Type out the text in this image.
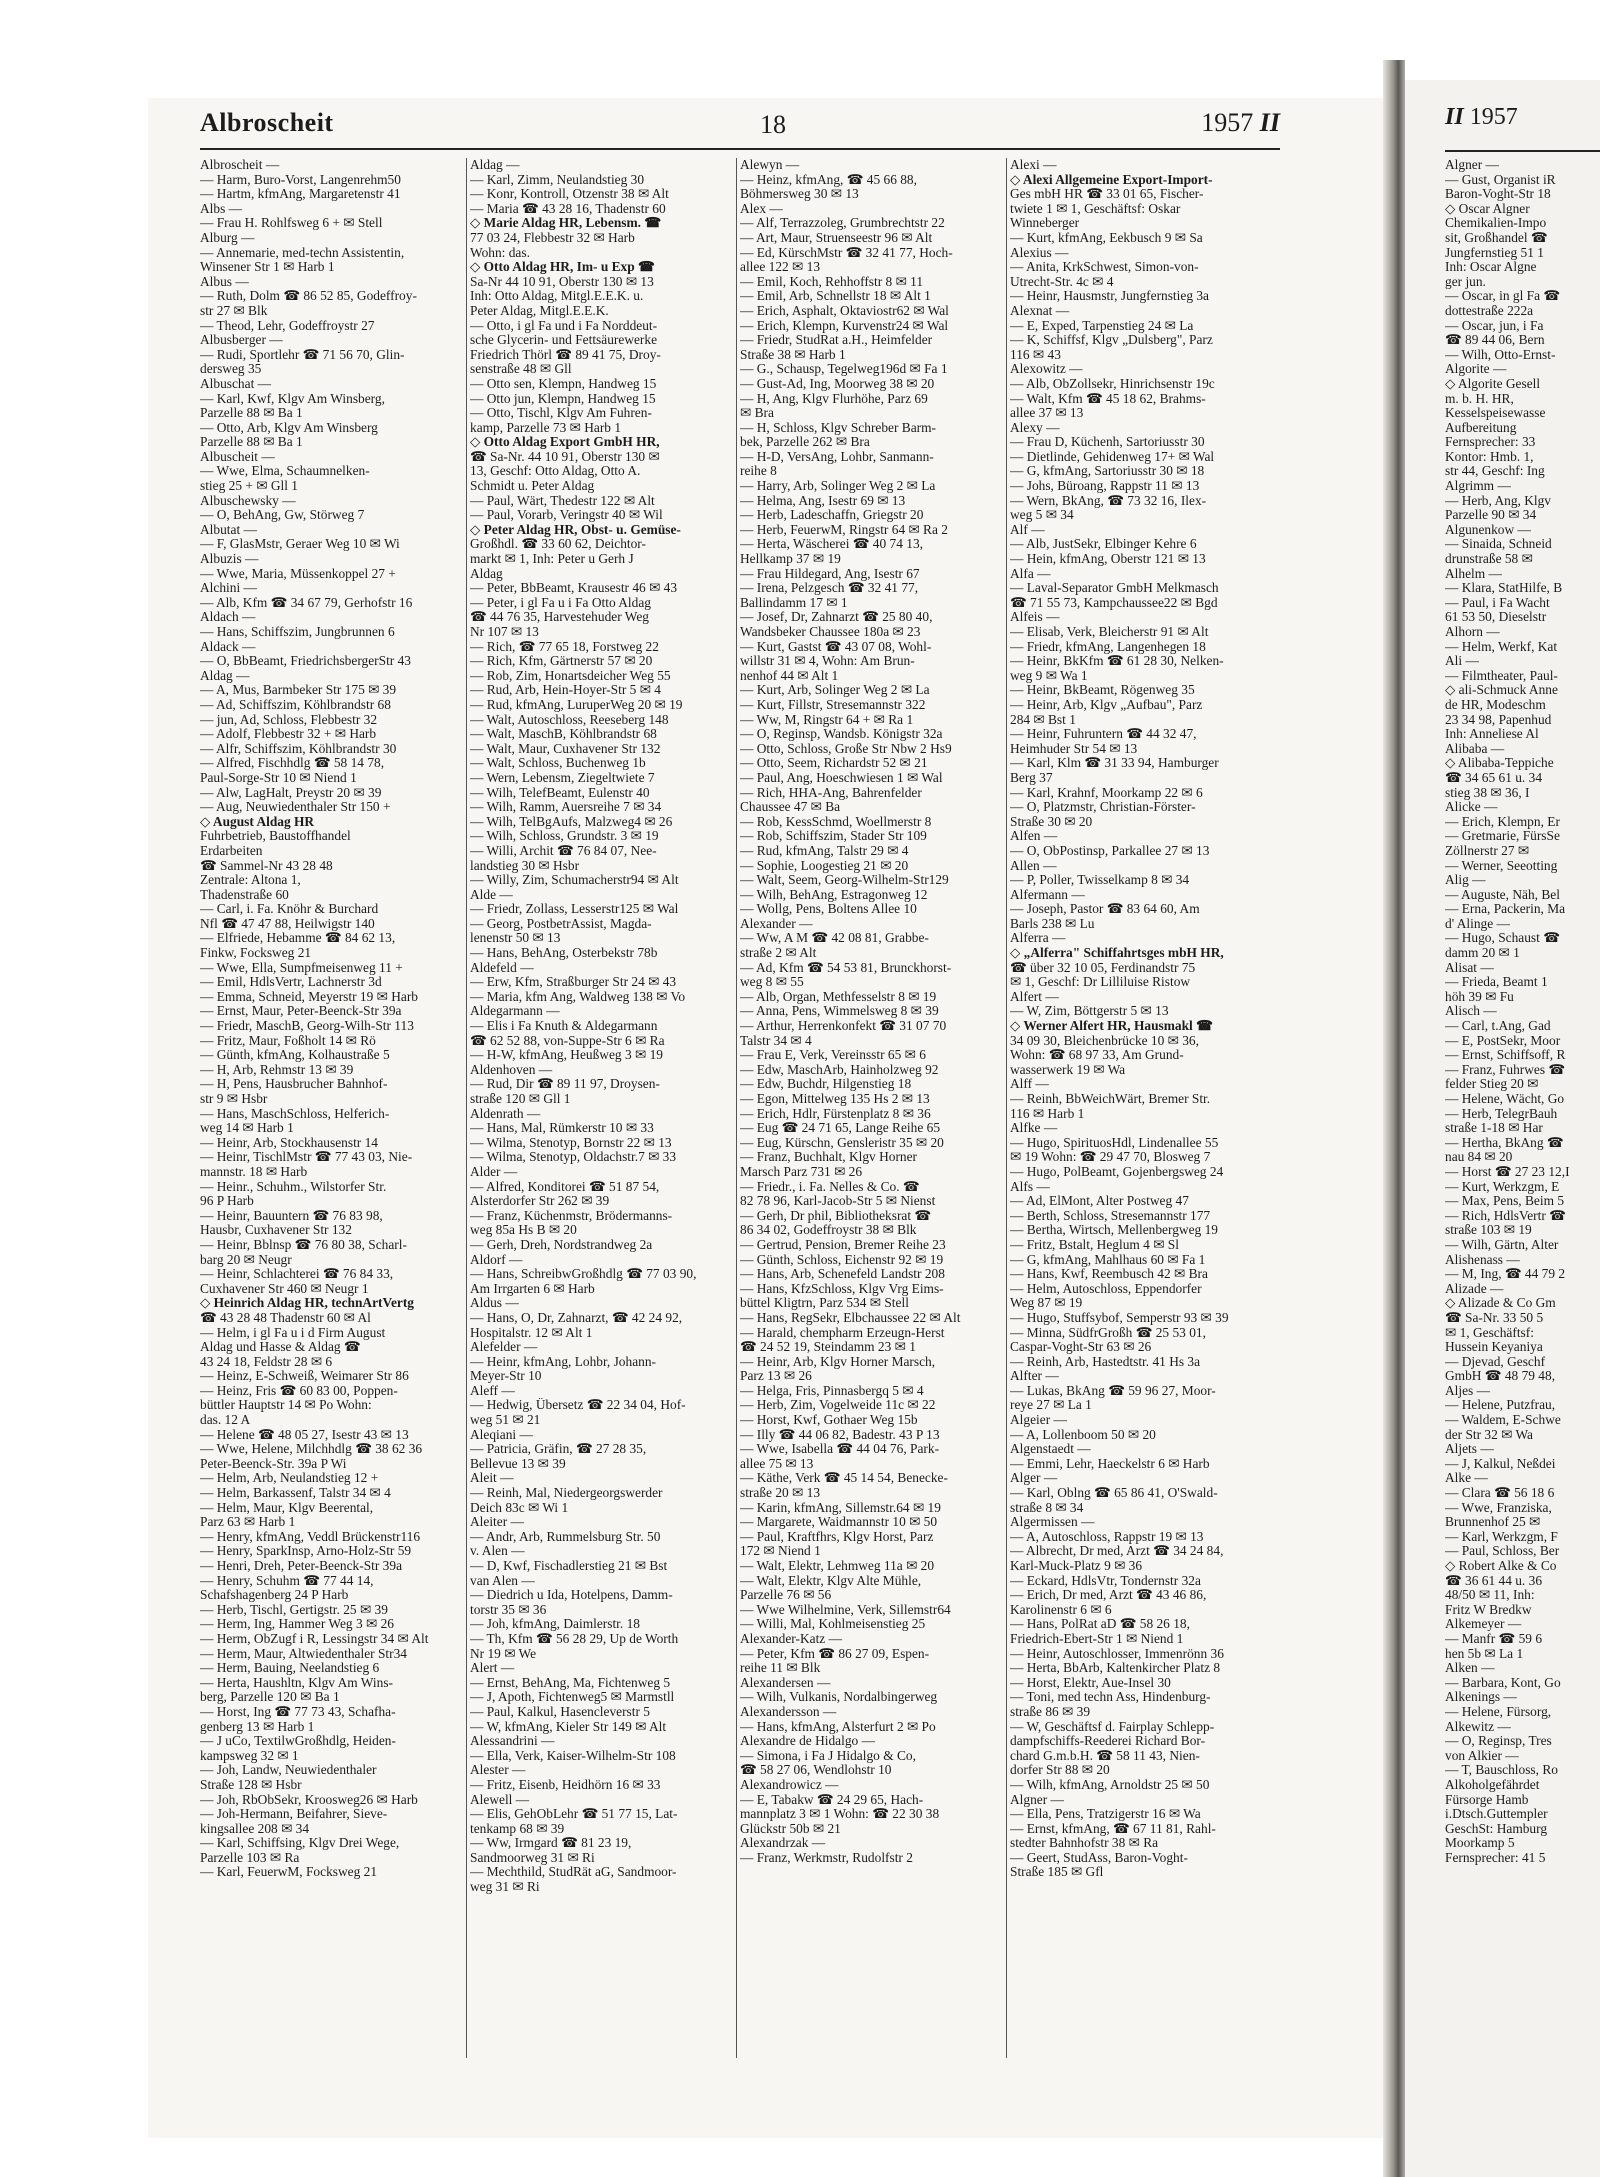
Albroscheit	18	1957 II
Albroscheit —
— Harm, Buro-Vorst, Langenrehm50
— Hartm, kfmAng, Margaretenstr 41
Albs —
— Frau H. Rohlfsweg 6 + ✉ Stell
Alburg —
— Annemarie, med-techn Assistentin,
Winsener Str 1 ✉ Harb 1
Albus —
— Ruth, Dolm ☎ 86 52 85, Godeffroy-
str 27 ✉ Blk
— Theod, Lehr, Godeffroystr 27
Albusberger —
— Rudi, Sportlehr ☎ 71 56 70, Glin-
dersweg 35
Albuschat —
— Karl, Kwf, Klgv Am Winsberg,
Parzelle 88 ✉ Ba 1
— Otto, Arb, Klgv Am Winsberg
Parzelle 88 ✉ Ba 1
Albuscheit —
— Wwe, Elma, Schaumnelken-
stieg 25 + ✉ Gll 1
Albuschewsky —
— O, BehAng, Gw, Störweg 7
Albutat —
— F, GlasMstr, Geraer Weg 10 ✉ Wi
Albuzis —
— Wwe, Maria, Müssenkoppel 27 +
Alchini —
— Alb, Kfm ☎ 34 67 79, Gerhofstr 16
Aldach —
— Hans, Schiffszim, Jungbrunnen 6
Aldack —
— O, BbBeamt, FriedrichsbergerStr 43
Aldag —
— A, Mus, Barmbeker Str 175 ✉ 39
— Ad, Schiffszim, Köhlbrandstr 68
— jun, Ad, Schloss, Flebbestr 32
— Adolf, Flebbestr 32 + ✉ Harb
— Alfr, Schiffszim, Köhlbrandstr 30
— Alfred, Fischhdlg ☎ 58 14 78,
Paul-Sorge-Str 10 ✉ Niend 1
— Alw, LagHalt, Preystr 20 ✉ 39
— Aug, Neuwiedenthaler Str 150 +
◇ August Aldag HR
Fuhrbetrieb, Baustoffhandel
Erdarbeiten
☎ Sammel-Nr 43 28 48
Zentrale: Altona 1,
Thadenstraße 60
— Carl, i. Fa. Knöhr & Burchard
Nfl ☎ 47 47 88, Heilwigstr 140
— Elfriede, Hebamme ☎ 84 62 13,
Finkw, Focksweg 21
— Wwe, Ella, Sumpfmeisenweg 11 +
— Emil, HdlsVertr, Lachnerstr 3d
— Emma, Schneid, Meyerstr 19 ✉ Harb
— Ernst, Maur, Peter-Beenck-Str 39a
— Friedr, MaschB, Georg-Wilh-Str 113
— Fritz, Maur, Foßholt 14 ✉ Rö
— Günth, kfmAng, Kolhaustraße 5
— H, Arb, Rehmstr 13 ✉ 39
— H, Pens, Hausbrucher Bahnhof-
str 9 ✉ Hsbr
— Hans, MaschSchloss, Helferich-
weg 14 ✉ Harb 1
— Heinr, Arb, Stockhausenstr 14
— Heinr, TischlMstr ☎ 77 43 03, Nie-
mannstr. 18 ✉ Harb
— Heinr., Schuhm., Wilstorfer Str.
96 P Harb
— Heinr, Bauuntern ☎ 76 83 98,
Hausbr, Cuxhavener Str 132
— Heinr, Bblnsp ☎ 76 80 38, Scharl-
barg 20 ✉ Neugr
— Heinr, Schlachterei ☎ 76 84 33,
Cuxhavener Str 460 ✉ Neugr 1
◇ Heinrich Aldag HR, technArtVertg
☎ 43 28 48 Thadenstr 60 ✉ Al
— Helm, i gl Fa u i d Firm August
Aldag und Hasse & Aldag ☎
43 24 18, Feldstr 28 ✉ 6
— Heinz, E-Schweiß, Weimarer Str 86
— Heinz, Fris ☎ 60 83 00, Poppen-
büttler Hauptstr 14 ✉ Po Wohn:
das. 12 A
— Helene ☎ 48 05 27, Isestr 43 ✉ 13
— Wwe, Helene, Milchhdlg ☎ 38 62 36
Peter-Beenck-Str. 39a P Wi
— Helm, Arb, Neulandstieg 12 +
— Helm, Barkassenf, Talstr 34 ✉ 4
— Helm, Maur, Klgv Beerental,
Parz 63 ✉ Harb 1
— Henry, kfmAng, Veddl Brückenstr116
— Henry, SparkInsp, Arno-Holz-Str 59
— Henri, Dreh, Peter-Beenck-Str 39a
— Henry, Schuhm ☎ 77 44 14,
Schafshagenberg 24 P Harb
— Herb, Tischl, Gertigstr. 25 ✉ 39
— Herm, Ing, Hammer Weg 3 ✉ 26
— Herm, ObZugf i R, Lessingstr 34 ✉ Alt
— Herm, Maur, Altwiedenthaler Str34
— Herm, Bauing, Neelandstieg 6
— Herta, Haushltn, Klgv Am Wins-
berg, Parzelle 120 ✉ Ba 1
— Horst, Ing ☎ 77 73 43, Schafha-
genberg 13 ✉ Harb 1
— J uCo, TextilwGroßhdlg, Heiden-
kampsweg 32 ✉ 1
— Joh, Landw, Neuwiedenthaler
Straße 128 ✉ Hsbr
— Joh, RbObSekr, Kroosweg26 ✉ Harb
— Joh-Hermann, Beifahrer, Sieve-
kingsallee 208 ✉ 34
— Karl, Schiffsing, Klgv Drei Wege,
Parzelle 103 ✉ Ra
— Karl, FeuerwM, Focksweg 21
Aldag —
— Karl, Zimm, Neulandstieg 30
— Konr, Kontroll, Otzenstr 38 ✉ Alt
— Maria ☎ 43 28 16, Thadenstr 60
◇ Marie Aldag HR, Lebensm. ☎
77 03 24, Flebbestr 32 ✉ Harb
Wohn: das.
◇ Otto Aldag HR, Im- u Exp ☎
Sa-Nr 44 10 91, Oberstr 130 ✉ 13
Inh: Otto Aldag, Mitgl.E.E.K. u.
Peter Aldag, Mitgl.E.E.K.
— Otto, i gl Fa und i Fa Norddeut-
sche Glycerin- und Fettsäurewerke
Friedrich Thörl ☎ 89 41 75, Droy-
senstraße 48 ✉ Gll
— Otto sen, Klempn, Handweg 15
— Otto jun, Klempn, Handweg 15
— Otto, Tischl, Klgv Am Fuhren-
kamp, Parzelle 73 ✉ Harb 1
◇ Otto Aldag Export GmbH HR,
☎ Sa-Nr. 44 10 91, Oberstr 130 ✉
13, Geschf: Otto Aldag, Otto A.
Schmidt u. Peter Aldag
— Paul, Wärt, Thedestr 122 ✉ Alt
— Paul, Vorarb, Veringstr 40 ✉ Wil
◇ Peter Aldag HR, Obst- u. Gemüse-
Großhdl. ☎ 33 60 62, Deichtor-
markt ✉ 1, Inh: Peter u Gerh J
Aldag
— Peter, BbBeamt, Krausestr 46 ✉ 43
— Peter, i gl Fa u i Fa Otto Aldag
☎ 44 76 35, Harvestehuder Weg
Nr 107 ✉ 13
— Rich, ☎ 77 65 18, Forstweg 22
— Rich, Kfm, Gärtnerstr 57 ✉ 20
— Rob, Zim, Honartsdeicher Weg 55
— Rud, Arb, Hein-Hoyer-Str 5 ✉ 4
— Rud, kfmAng, LuruperWeg 20 ✉ 19
— Walt, Autoschloss, Reeseberg 148
— Walt, MaschB, Köhlbrandstr 68
— Walt, Maur, Cuxhavener Str 132
— Walt, Schloss, Buchenweg 1b
— Wern, Lebensm, Ziegeltwiete 7
— Wilh, TelefBeamt, Eulenstr 40
— Wilh, Ramm, Auersreihe 7 ✉ 34
— Wilh, TelBgAufs, Malzweg4 ✉ 26
— Wilh, Schloss, Grundstr. 3 ✉ 19
— Willi, Archit ☎ 76 84 07, Nee-
landstieg 30 ✉ Hsbr
— Willy, Zim, Schumacherstr94 ✉ Alt
Alde —
— Friedr, Zollass, Lesserstr125 ✉ Wal
— Georg, PostbetrAssist, Magda-
lenenstr 50 ✉ 13
— Hans, BehAng, Osterbekstr 78b
Aldefeld —
— Erw, Kfm, Straßburger Str 24 ✉ 43
— Maria, kfm Ang, Waldweg 138 ✉ Vo
Aldegarmann —
— Elis i Fa Knuth & Aldegarmann
☎ 62 52 88, von-Suppe-Str 6 ✉ Ra
— H-W, kfmAng, Heußweg 3 ✉ 19
Aldenhoven —
— Rud, Dir ☎ 89 11 97, Droysen-
straße 120 ✉ Gll 1
Aldenrath —
— Hans, Mal, Rümkerstr 10 ✉ 33
— Wilma, Stenotyp, Bornstr 22 ✉ 13
— Wilma, Stenotyp, Oldachstr.7 ✉ 33
Alder —
— Alfred, Konditorei ☎ 51 87 54,
Alsterdorfer Str 262 ✉ 39
— Franz, Küchenmstr, Brödermanns-
weg 85a Hs B ✉ 20
— Gerh, Dreh, Nordstrandweg 2a
Aldorf —
— Hans, SchreibwGroßhdlg ☎ 77 03 90,
Am Irrgarten 6 ✉ Harb
Aldus —
— Hans, O, Dr, Zahnarzt, ☎ 42 24 92,
Hospitalstr. 12 ✉ Alt 1
Alefelder —
— Heinr, kfmAng, Lohbr, Johann-
Meyer-Str 10
Aleff —
— Hedwig, Übersetz ☎ 22 34 04, Hof-
weg 51 ✉ 21
Aleqiani —
— Patricia, Gräfin, ☎ 27 28 35,
Bellevue 13 ✉ 39
Aleit —
— Reinh, Mal, Niedergeorgswerder
Deich 83c ✉ Wi 1
Aleiter —
— Andr, Arb, Rummelsburg Str. 50
v. Alen —
— D, Kwf, Fischadlerstieg 21 ✉ Bst
van Alen —
— Diedrich u Ida, Hotelpens, Damm-
torstr 35 ✉ 36
— Joh, kfmAng, Daimlerstr. 18
— Th, Kfm ☎ 56 28 29, Up de Worth
Nr 19 ✉ We
Alert —
— Ernst, BehAng, Ma, Fichtenweg 5
— J, Apoth, Fichtenweg5 ✉ Marmstll
— Paul, Kalkul, Hasencleverstr 5
— W, kfmAng, Kieler Str 149 ✉ Alt
Alessandrini —
— Ella, Verk, Kaiser-Wilhelm-Str 108
Alester —
— Fritz, Eisenb, Heidhörn 16 ✉ 33
Alewell —
— Elis, GehObLehr ☎ 51 77 15, Lat-
tenkamp 68 ✉ 39
— Ww, Irmgard ☎ 81 23 19,
Sandmoorweg 31 ✉ Ri
— Mechthild, StudRät aG, Sandmoor-
weg 31 ✉ Ri
Alewyn —
— Heinz, kfmAng, ☎ 45 66 88,
Böhmersweg 30 ✉ 13
Alex —
— Alf, Terrazzoleg, Grumbrechtstr 22
— Art, Maur, Struenseestr 96 ✉ Alt
— Ed, KürschMstr ☎ 32 41 77, Hoch-
allee 122 ✉ 13
— Emil, Koch, Rehhoffstr 8 ✉ 11
— Emil, Arb, Schnellstr 18 ✉ Alt 1
— Erich, Asphalt, Oktaviostr62 ✉ Wal
— Erich, Klempn, Kurvenstr24 ✉ Wal
— Friedr, StudRat a.H., Heimfelder
Straße 38 ✉ Harb 1
— G., Schausp, Tegelweg196d ✉ Fa 1
— Gust-Ad, Ing, Moorweg 38 ✉ 20
— H, Ang, Klgv Flurhöhe, Parz 69
✉ Bra
— H, Schloss, Klgv Schreber Barm-
bek, Parzelle 262 ✉ Bra
— H-D, VersAng, Lohbr, Sanmann-
reihe 8
— Harry, Arb, Solinger Weg 2 ✉ La
— Helma, Ang, Isestr 69 ✉ 13
— Herb, Ladeschaffn, Griegstr 20
— Herb, FeuerwM, Ringstr 64 ✉ Ra 2
— Herta, Wäscherei ☎ 40 74 13,
Hellkamp 37 ✉ 19
— Frau Hildegard, Ang, Isestr 67
— Irena, Pelzgesch ☎ 32 41 77,
Ballindamm 17 ✉ 1
— Josef, Dr, Zahnarzt ☎ 25 80 40,
Wandsbeker Chaussee 180a ✉ 23
— Kurt, Gastst ☎ 43 07 08, Wohl-
willstr 31 ✉ 4, Wohn: Am Brun-
nenhof 44 ✉ Alt 1
— Kurt, Arb, Solinger Weg 2 ✉ La
— Kurt, Fillstr, Stresemannstr 322
— Ww, M, Ringstr 64 + ✉ Ra 1
— O, Reginsp, Wandsb. Königstr 32a
— Otto, Schloss, Große Str Nbw 2 Hs9
— Otto, Seem, Richardstr 52 ✉ 21
— Paul, Ang, Hoeschwiesen 1 ✉ Wal
— Rich, HHA-Ang, Bahrenfelder
Chaussee 47 ✉ Ba
— Rob, KessSchmd, Woellmerstr 8
— Rob, Schiffszim, Stader Str 109
— Rud, kfmAng, Talstr 29 ✉ 4
— Sophie, Loogestieg 21 ✉ 20
— Walt, Seem, Georg-Wilhelm-Str129
— Wilh, BehAng, Estragonweg 12
— Wollg, Pens, Boltens Allee 10
Alexander —
— Ww, A M ☎ 42 08 81, Grabbe-
straße 2 ✉ Alt
— Ad, Kfm ☎ 54 53 81, Brunckhorst-
weg 8 ✉ 55
— Alb, Organ, Methfesselstr 8 ✉ 19
— Anna, Pens, Wimmelsweg 8 ✉ 39
— Arthur, Herrenkonfekt ☎ 31 07 70
Talstr 34 ✉ 4
— Frau E, Verk, Vereinsstr 65 ✉ 6
— Edw, MaschArb, Hainholzweg 92
— Edw, Buchdr, Hilgenstieg 18
— Egon, Mittelweg 135 Hs 2 ✉ 13
— Erich, Hdlr, Fürstenplatz 8 ✉ 36
— Eug ☎ 24 71 65, Lange Reihe 65
— Eug, Kürschn, Gensleristr 35 ✉ 20
— Franz, Buchhalt, Klgv Horner
Marsch Parz 731 ✉ 26
— Friedr., i. Fa. Nelles & Co. ☎
82 78 96, Karl-Jacob-Str 5 ✉ Nienst
— Gerh, Dr phil, Bibliotheksrat ☎
86 34 02, Godeffroystr 38 ✉ Blk
— Gertrud, Pension, Bremer Reihe 23
— Günth, Schloss, Eichenstr 92 ✉ 19
— Hans, Arb, Schenefeld Landstr 208
— Hans, KfzSchloss, Klgv Vrg Eims-
büttel Kligtrn, Parz 534 ✉ Stell
— Hans, RegSekr, Elbchaussee 22 ✉ Alt
— Harald, chempharm Erzeugn-Herst
☎ 24 52 19, Steindamm 23 ✉ 1
— Heinr, Arb, Klgv Horner Marsch,
Parz 13 ✉ 26
— Helga, Fris, Pinnasbergq 5 ✉ 4
— Herb, Zim, Vogelweide 11c ✉ 22
— Horst, Kwf, Gothaer Weg 15b
— Illy ☎ 44 06 82, Badestr. 43 P 13
— Wwe, Isabella ☎ 44 04 76, Park-
allee 75 ✉ 13
— Käthe, Verk ☎ 45 14 54, Benecke-
straße 20 ✉ 13
— Karin, kfmAng, Sillemstr.64 ✉ 19
— Margarete, Waidmannstr 10 ✉ 50
— Paul, Kraftfhrs, Klgv Horst, Parz
172 ✉ Niend 1
— Walt, Elektr, Lehmweg 11a ✉ 20
— Walt, Elektr, Klgv Alte Mühle,
Parzelle 76 ✉ 56
— Wwe Wilhelmine, Verk, Sillemstr64
— Willi, Mal, Kohlmeisenstieg 25
Alexander-Katz —
— Peter, Kfm ☎ 86 27 09, Espen-
reihe 11 ✉ Blk
Alexandersen —
— Wilh, Vulkanis, Nordalbingerweg
Alexandersson —
— Hans, kfmAng, Alsterfurt 2 ✉ Po
Alexandre de Hidalgo —
— Simona, i Fa J Hidalgo & Co,
☎ 58 27 06, Wendlohstr 10
Alexandrowicz —
— E, Tabakw ☎ 24 29 65, Hach-
mannplatz 3 ✉ 1 Wohn: ☎ 22 30 38
Glückstr 50b ✉ 21
Alexandrzak —
— Franz, Werkmstr, Rudolfstr 2
Alexi —
◇ Alexi Allgemeine Export-Import-
Ges mbH HR ☎ 33 01 65, Fischer-
twiete 1 ✉ 1, Geschäftsf: Oskar
Winneberger
— Kurt, kfmAng, Eekbusch 9 ✉ Sa
Alexius —
— Anita, KrkSchwest, Simon-von-
Utrecht-Str. 4c ✉ 4
— Heinr, Hausmstr, Jungfernstieg 3a
Alexnat —
— E, Exped, Tarpenstieg 24 ✉ La
— K, Schiffsf, Klgv „Dulsberg", Parz
116 ✉ 43
Alexowitz —
— Alb, ObZollsekr, Hinrichsenstr 19c
— Walt, Kfm ☎ 45 18 62, Brahms-
allee 37 ✉ 13
Alexy —
— Frau D, Küchenh, Sartoriusstr 30
— Dietlinde, Gehidenweg 17+ ✉ Wal
— G, kfmAng, Sartoriusstr 30 ✉ 18
— Johs, Büroang, Rappstr 11 ✉ 13
— Wern, BkAng, ☎ 73 32 16, Ilex-
weg 5 ✉ 34
Alf —
— Alb, JustSekr, Elbinger Kehre 6
— Hein, kfmAng, Oberstr 121 ✉ 13
Alfa —
— Laval-Separator GmbH Melkmasch
☎ 71 55 73, Kampchaussee22 ✉ Bgd
Alfeis —
— Elisab, Verk, Bleicherstr 91 ✉ Alt
— Friedr, kfmAng, Langenhegen 18
— Heinr, BkKfm ☎ 61 28 30, Nelken-
weg 9 ✉ Wa 1
— Heinr, BkBeamt, Rögenweg 35
— Heinr, Arb, Klgv „Aufbau", Parz
284 ✉ Bst 1
— Heinr, Fuhruntern ☎ 44 32 47,
Heimhuder Str 54 ✉ 13
— Karl, Klm ☎ 31 33 94, Hamburger
Berg 37
— Karl, Krahnf, Moorkamp 22 ✉ 6
— O, Platzmstr, Christian-Förster-
Straße 30 ✉ 20
Alfen —
— O, ObPostinsp, Parkallee 27 ✉ 13
Allen —
— P, Poller, Twisselkamp 8 ✉ 34
Alfermann —
— Joseph, Pastor ☎ 83 64 60, Am
Barls 238 ✉ Lu
Alferra —
◇ „Alferra" Schiffahrtsges mbH HR,
☎ über 32 10 05, Ferdinandstr 75
✉ 1, Geschf: Dr Lilliluise Ristow
Alfert —
— W, Zim, Böttgerstr 5 ✉ 13
◇ Werner Alfert HR, Hausmakl ☎
34 09 30, Bleichenbrücke 10 ✉ 36,
Wohn: ☎ 68 97 33, Am Grund-
wasserwerk 19 ✉ Wa
Alff —
— Reinh, BbWeichWärt, Bremer Str.
116 ✉ Harb 1
Alfke —
— Hugo, SpirituosHdl, Lindenallee 55
✉ 19 Wohn: ☎ 29 47 70, Blosweg 7
— Hugo, PolBeamt, Gojenbergsweg 24
Alfs —
— Ad, ElMont, Alter Postweg 47
— Berth, Schloss, Stresemannstr 177
— Bertha, Wirtsch, Mellenbergweg 19
— Fritz, Bstalt, Heglum 4 ✉ Sl
— G, kfmAng, Mahlhaus 60 ✉ Fa 1
— Hans, Kwf, Reembusch 42 ✉ Bra
— Helm, Autoschloss, Eppendorfer
Weg 87 ✉ 19
— Hugo, Stuffsybof, Semperstr 93 ✉ 39
— Minna, SüdfrGroßh ☎ 25 53 01,
Caspar-Voght-Str 63 ✉ 26
— Reinh, Arb, Hastedtstr. 41 Hs 3a
Alfter —
— Lukas, BkAng ☎ 59 96 27, Moor-
reye 27 ✉ La 1
Algeier —
— A, Lollenboom 50 ✉ 20
Algenstaedt —
— Emmi, Lehr, Haeckelstr 6 ✉ Harb
Alger —
— Karl, Oblng ☎ 65 86 41, O'Swald-
straße 8 ✉ 34
Algermissen —
— A, Autoschloss, Rappstr 19 ✉ 13
— Albrecht, Dr med, Arzt ☎ 34 24 84,
Karl-Muck-Platz 9 ✉ 36
— Eckard, HdlsVtr, Tondernstr 32a
— Erich, Dr med, Arzt ☎ 43 46 86,
Karolinenstr 6 ✉ 6
— Hans, PolRat aD ☎ 58 26 18,
Friedrich-Ebert-Str 1 ✉ Niend 1
— Heinr, Autoschlosser, Immenrönn 36
— Herta, BbArb, Kaltenkircher Platz 8
— Horst, Elektr, Aue-Insel 30
— Toni, med techn Ass, Hindenburg-
straße 86 ✉ 39
— W, Geschäftsf d. Fairplay Schlepp-
dampfschiffs-Reederei Richard Bor-
chard G.m.b.H. ☎ 58 11 43, Nien-
dorfer Str 88 ✉ 20
— Wilh, kfmAng, Arnoldstr 25 ✉ 50
Algner —
— Ella, Pens, Tratzigerstr 16 ✉ Wa
— Ernst, kfmAng, ☎ 67 11 81, Rahl-
stedter Bahnhofstr 38 ✉ Ra
— Geert, StudAss, Baron-Voght-
Straße 185 ✉ Gfl
II 1957
Algner —
— Gust, Organist iR
Baron-Voght-Str 18
◇ Oscar Algner
Chemikalien-Impo
sit, Großhandel ☎
Jungfernstieg 51 1
Inh: Oscar Algne
ger jun.
— Oscar, in gl Fa ☎
dottestraße 222a
— Oscar, jun, i Fa
☎ 89 44 06, Bern
— Wilh, Otto-Ernst-
Algorite —
◇ Algorite Gesell
m. b. H. HR,
Kesselspeisewasse
Aufbereitung
Fernsprecher: 33
Kontor: Hmb. 1,
str 44, Geschf: Ing
Algrimm —
— Herb, Ang, Klgv
Parzelle 90 ✉ 34
Algunenkow —
— Sinaida, Schneid
drunstraße 58 ✉
Alhelm —
— Klara, StatHilfe, B
— Paul, i Fa Wacht
61 53 50, Dieselstr
Alhorn —
— Helm, Werkf, Kat
Ali —
— Filmtheater, Paul-
◇ ali-Schmuck Anne
de HR, Modeschm
23 34 98, Papenhud
Inh: Anneliese Al
Alibaba —
◇ Alibaba-Teppiche
☎ 34 65 61 u. 34
stieg 38 ✉ 36, I
Alicke —
— Erich, Klempn, Er
— Gretmarie, FürsSe
Zöllnerstr 27 ✉
— Werner, Seeotting
Alig —
— Auguste, Näh, Bel
— Erna, Packerin, Ma
d' Alinge —
— Hugo, Schaust ☎
damm 20 ✉ 1
Alisat —
— Frieda, Beamt 1
höh 39 ✉ Fu
Alisch —
— Carl, t.Ang, Gad
— E, PostSekr, Moor
— Ernst, Schiffsoff, R
— Franz, Fuhrwes ☎
felder Stieg 20 ✉
— Helene, Wächt, Go
— Herb, TelegrBauh
straße 1-18 ✉ Har
— Hertha, BkAng ☎
nau 84 ✉ 20
— Horst ☎ 27 23 12,I
— Kurt, Werkzgm, E
— Max, Pens, Beim 5
— Rich, HdlsVertr ☎
straße 103 ✉ 19
— Wilh, Gärtn, Alter
Alishenass —
— M, Ing, ☎ 44 79 2
Alizade —
◇ Alizade & Co Gm
☎ Sa-Nr. 33 50 5
✉ 1, Geschäftsf:
Hussein Keyaniya
— Djevad, Geschf
GmbH ☎ 48 79 48,
Aljes —
— Helene, Putzfrau,
— Waldem, E-Schwe
der Str 32 ✉ Wa
Aljets —
— J, Kalkul, Neßdei
Alke —
— Clara ☎ 56 18 6
— Wwe, Franziska,
Brunnenhof 25 ✉
— Karl, Werkzgm, F
— Paul, Schloss, Ber
◇ Robert Alke & Co
☎ 36 61 44 u. 36
48/50 ✉ 11, Inh:
Fritz W Bredkw
Alkemeyer —
— Manfr ☎ 59 6
hen 5b ✉ La 1
Alken —
— Barbara, Kont, Go
Alkenings —
— Helene, Fürsorg,
Alkewitz —
— O, Reginsp, Tres
von Alkier —
— T, Bauschloss, Ro
Alkoholgefährdet
Fürsorge Hamb
i.Dtsch.Guttempler
GeschSt: Hamburg
Moorkamp 5
Fernsprecher: 41 5
